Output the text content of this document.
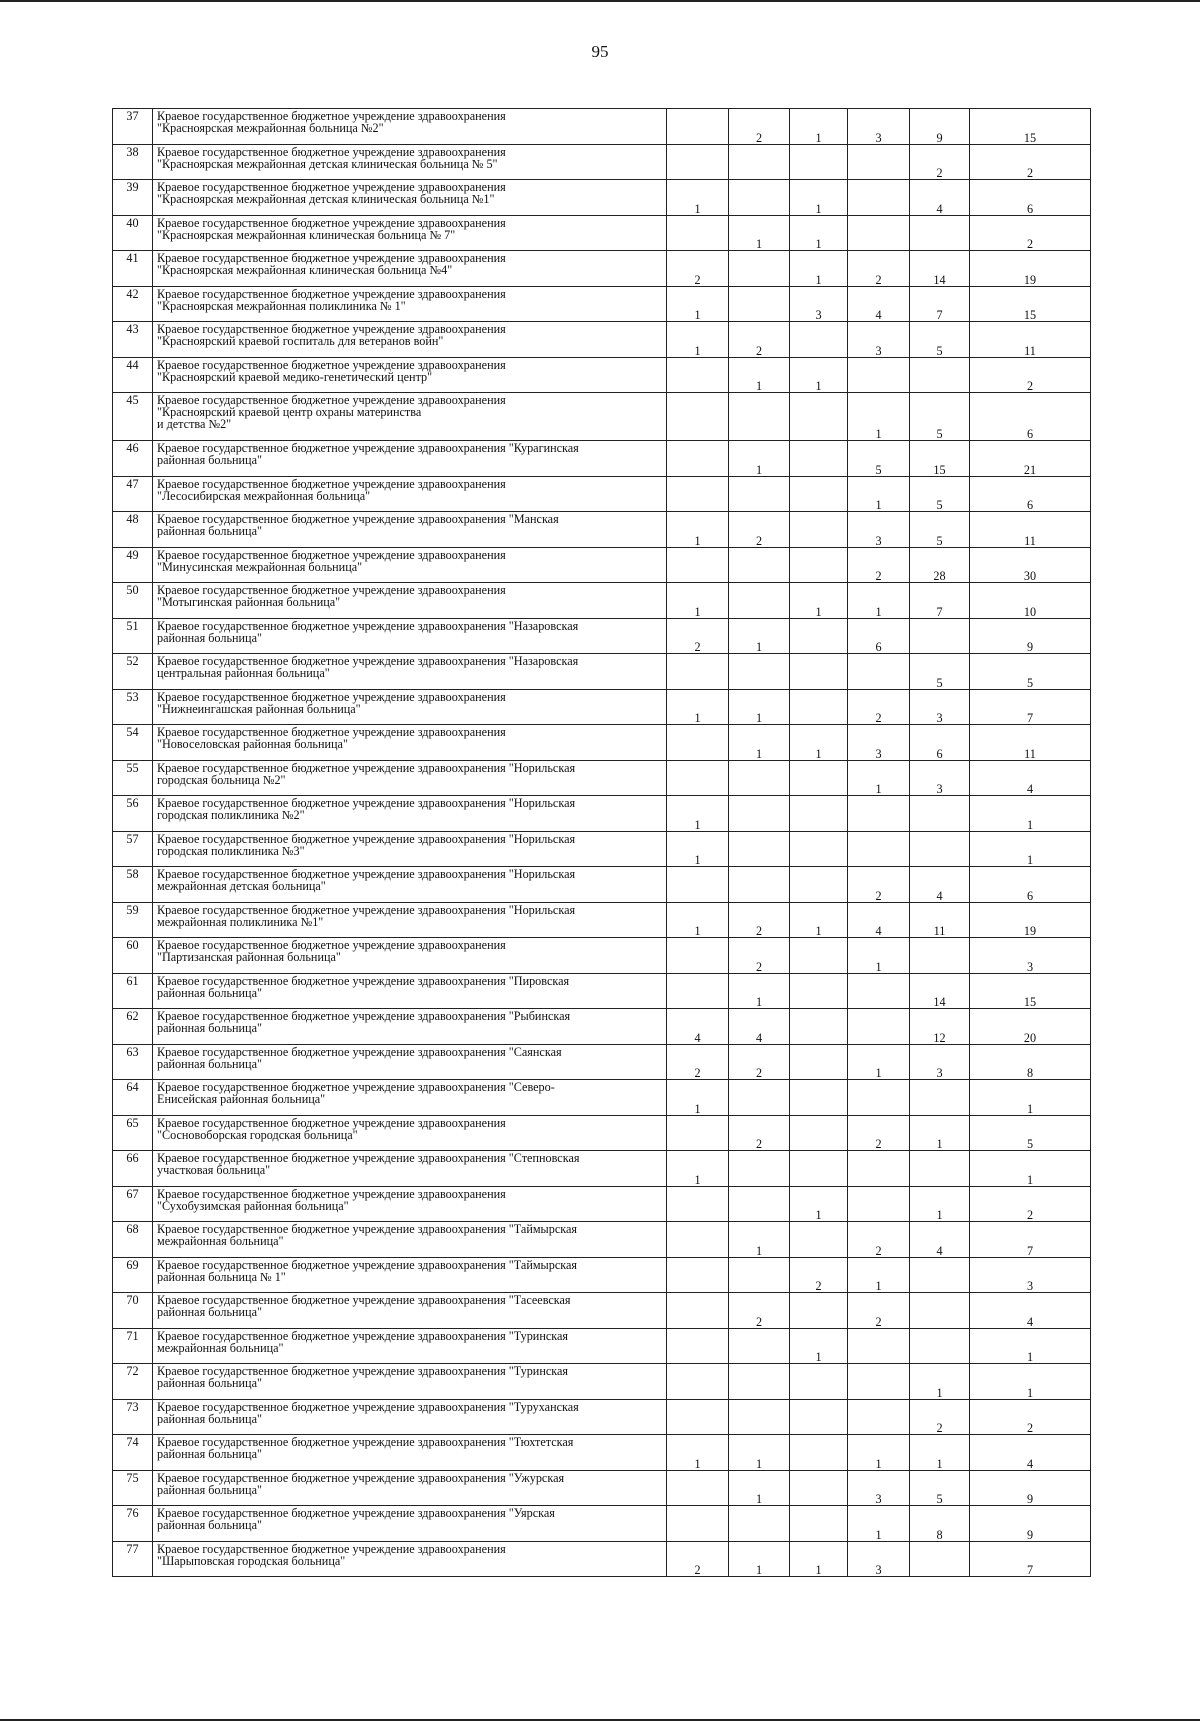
95
37	Краевое государственное бюджетное учреждение здравоохранения
"Красноярская межрайонная больница №2"		2	1	3	9	15
38	Краевое государственное бюджетное учреждение здравоохранения
"Красноярская межрайонная детская клиническая больница № 5"					2	2
39	Краевое государственное бюджетное учреждение здравоохранения
"Красноярская межрайонная детская клиническая больница №1"	1		1		4	6
40	Краевое государственное бюджетное учреждение здравоохранения
"Красноярская межрайонная клиническая больница № 7"		1	1			2
41	Краевое государственное бюджетное учреждение здравоохранения
"Красноярская межрайонная клиническая больница №4"	2		1	2	14	19
42	Краевое государственное бюджетное учреждение здравоохранения
"Красноярская межрайонная поликлиника № 1"	1		3	4	7	15
43	Краевое государственное бюджетное учреждение здравоохранения
"Красноярский краевой госпиталь для ветеранов войн"	1	2		3	5	11
44	Краевое государственное бюджетное учреждение здравоохранения
"Красноярский краевой медико-генетический центр"		1	1			2
45	Краевое государственное бюджетное учреждение здравоохранения
"Красноярский краевой центр охраны материнства
и детства №2"				1	5	6
46	Краевое государственное бюджетное учреждение здравоохранения "Курагинская
районная больница"		1		5	15	21
47	Краевое государственное бюджетное учреждение здравоохранения
"Лесосибирская межрайонная больница"				1	5	6
48	Краевое государственное бюджетное учреждение здравоохранения "Манская
районная больница"	1	2		3	5	11
49	Краевое государственное бюджетное учреждение здравоохранения
"Минусинская межрайонная больница"				2	28	30
50	Краевое государственное бюджетное учреждение здравоохранения
"Мотыгинская районная больница"	1		1	1	7	10
51	Краевое государственное бюджетное учреждение здравоохранения "Назаровская
районная больница"	2	1		6		9
52	Краевое государственное бюджетное учреждение здравоохранения "Назаровская
центральная районная больница"					5	5
53	Краевое государственное бюджетное учреждение здравоохранения
"Нижнеингашская районная больница"	1	1		2	3	7
54	Краевое государственное бюджетное учреждение здравоохранения
"Новоселовская районная больница"		1	1	3	6	11
55	Краевое государственное бюджетное учреждение здравоохранения "Норильская
городская больница №2"				1	3	4
56	Краевое государственное бюджетное учреждение здравоохранения "Норильская
городская поликлиника №2"	1					1
57	Краевое государственное бюджетное учреждение здравоохранения "Норильская
городская поликлиника №3"	1					1
58	Краевое государственное бюджетное учреждение здравоохранения "Норильская
межрайонная детская больница"				2	4	6
59	Краевое государственное бюджетное учреждение здравоохранения "Норильская
межрайонная поликлиника №1"	1	2	1	4	11	19
60	Краевое государственное бюджетное учреждение здравоохранения
"Партизанская районная больница"		2		1		3
61	Краевое государственное бюджетное учреждение здравоохранения "Пировская
районная больница"		1			14	15
62	Краевое государственное бюджетное учреждение здравоохранения "Рыбинская
районная больница"	4	4			12	20
63	Краевое государственное бюджетное учреждение здравоохранения "Саянская
районная больница"	2	2		1	3	8
64	Краевое государственное бюджетное учреждение здравоохранения "Северо-
Енисейская районная больница"	1					1
65	Краевое государственное бюджетное учреждение здравоохранения
"Сосновоборская городская больница"		2		2	1	5
66	Краевое государственное бюджетное учреждение здравоохранения "Степновская
участковая больница"	1					1
67	Краевое государственное бюджетное учреждение здравоохранения
"Сухобузимская районная больница"			1		1	2
68	Краевое государственное бюджетное учреждение здравоохранения "Таймырская
межрайонная больница"		1		2	4	7
69	Краевое государственное бюджетное учреждение здравоохранения "Таймырская
районная больница № 1"			2	1		3
70	Краевое государственное бюджетное учреждение здравоохранения "Тасеевская
районная больница"		2		2		4
71	Краевое государственное бюджетное учреждение здравоохранения "Туринская
межрайонная больница"			1			1
72	Краевое государственное бюджетное учреждение здравоохранения "Туринская
районная больница"					1	1
73	Краевое государственное бюджетное учреждение здравоохранения "Туруханская
районная больница"					2	2
74	Краевое государственное бюджетное учреждение здравоохранения "Тюхтетская
районная больница"	1	1		1	1	4
75	Краевое государственное бюджетное учреждение здравоохранения "Ужурская
районная больница"		1		3	5	9
76	Краевое государственное бюджетное учреждение здравоохранения "Уярская
районная больница"				1	8	9
77	Краевое государственное бюджетное учреждение здравоохранения
"Шарыповская городская больница"	2	1	1	3		7
